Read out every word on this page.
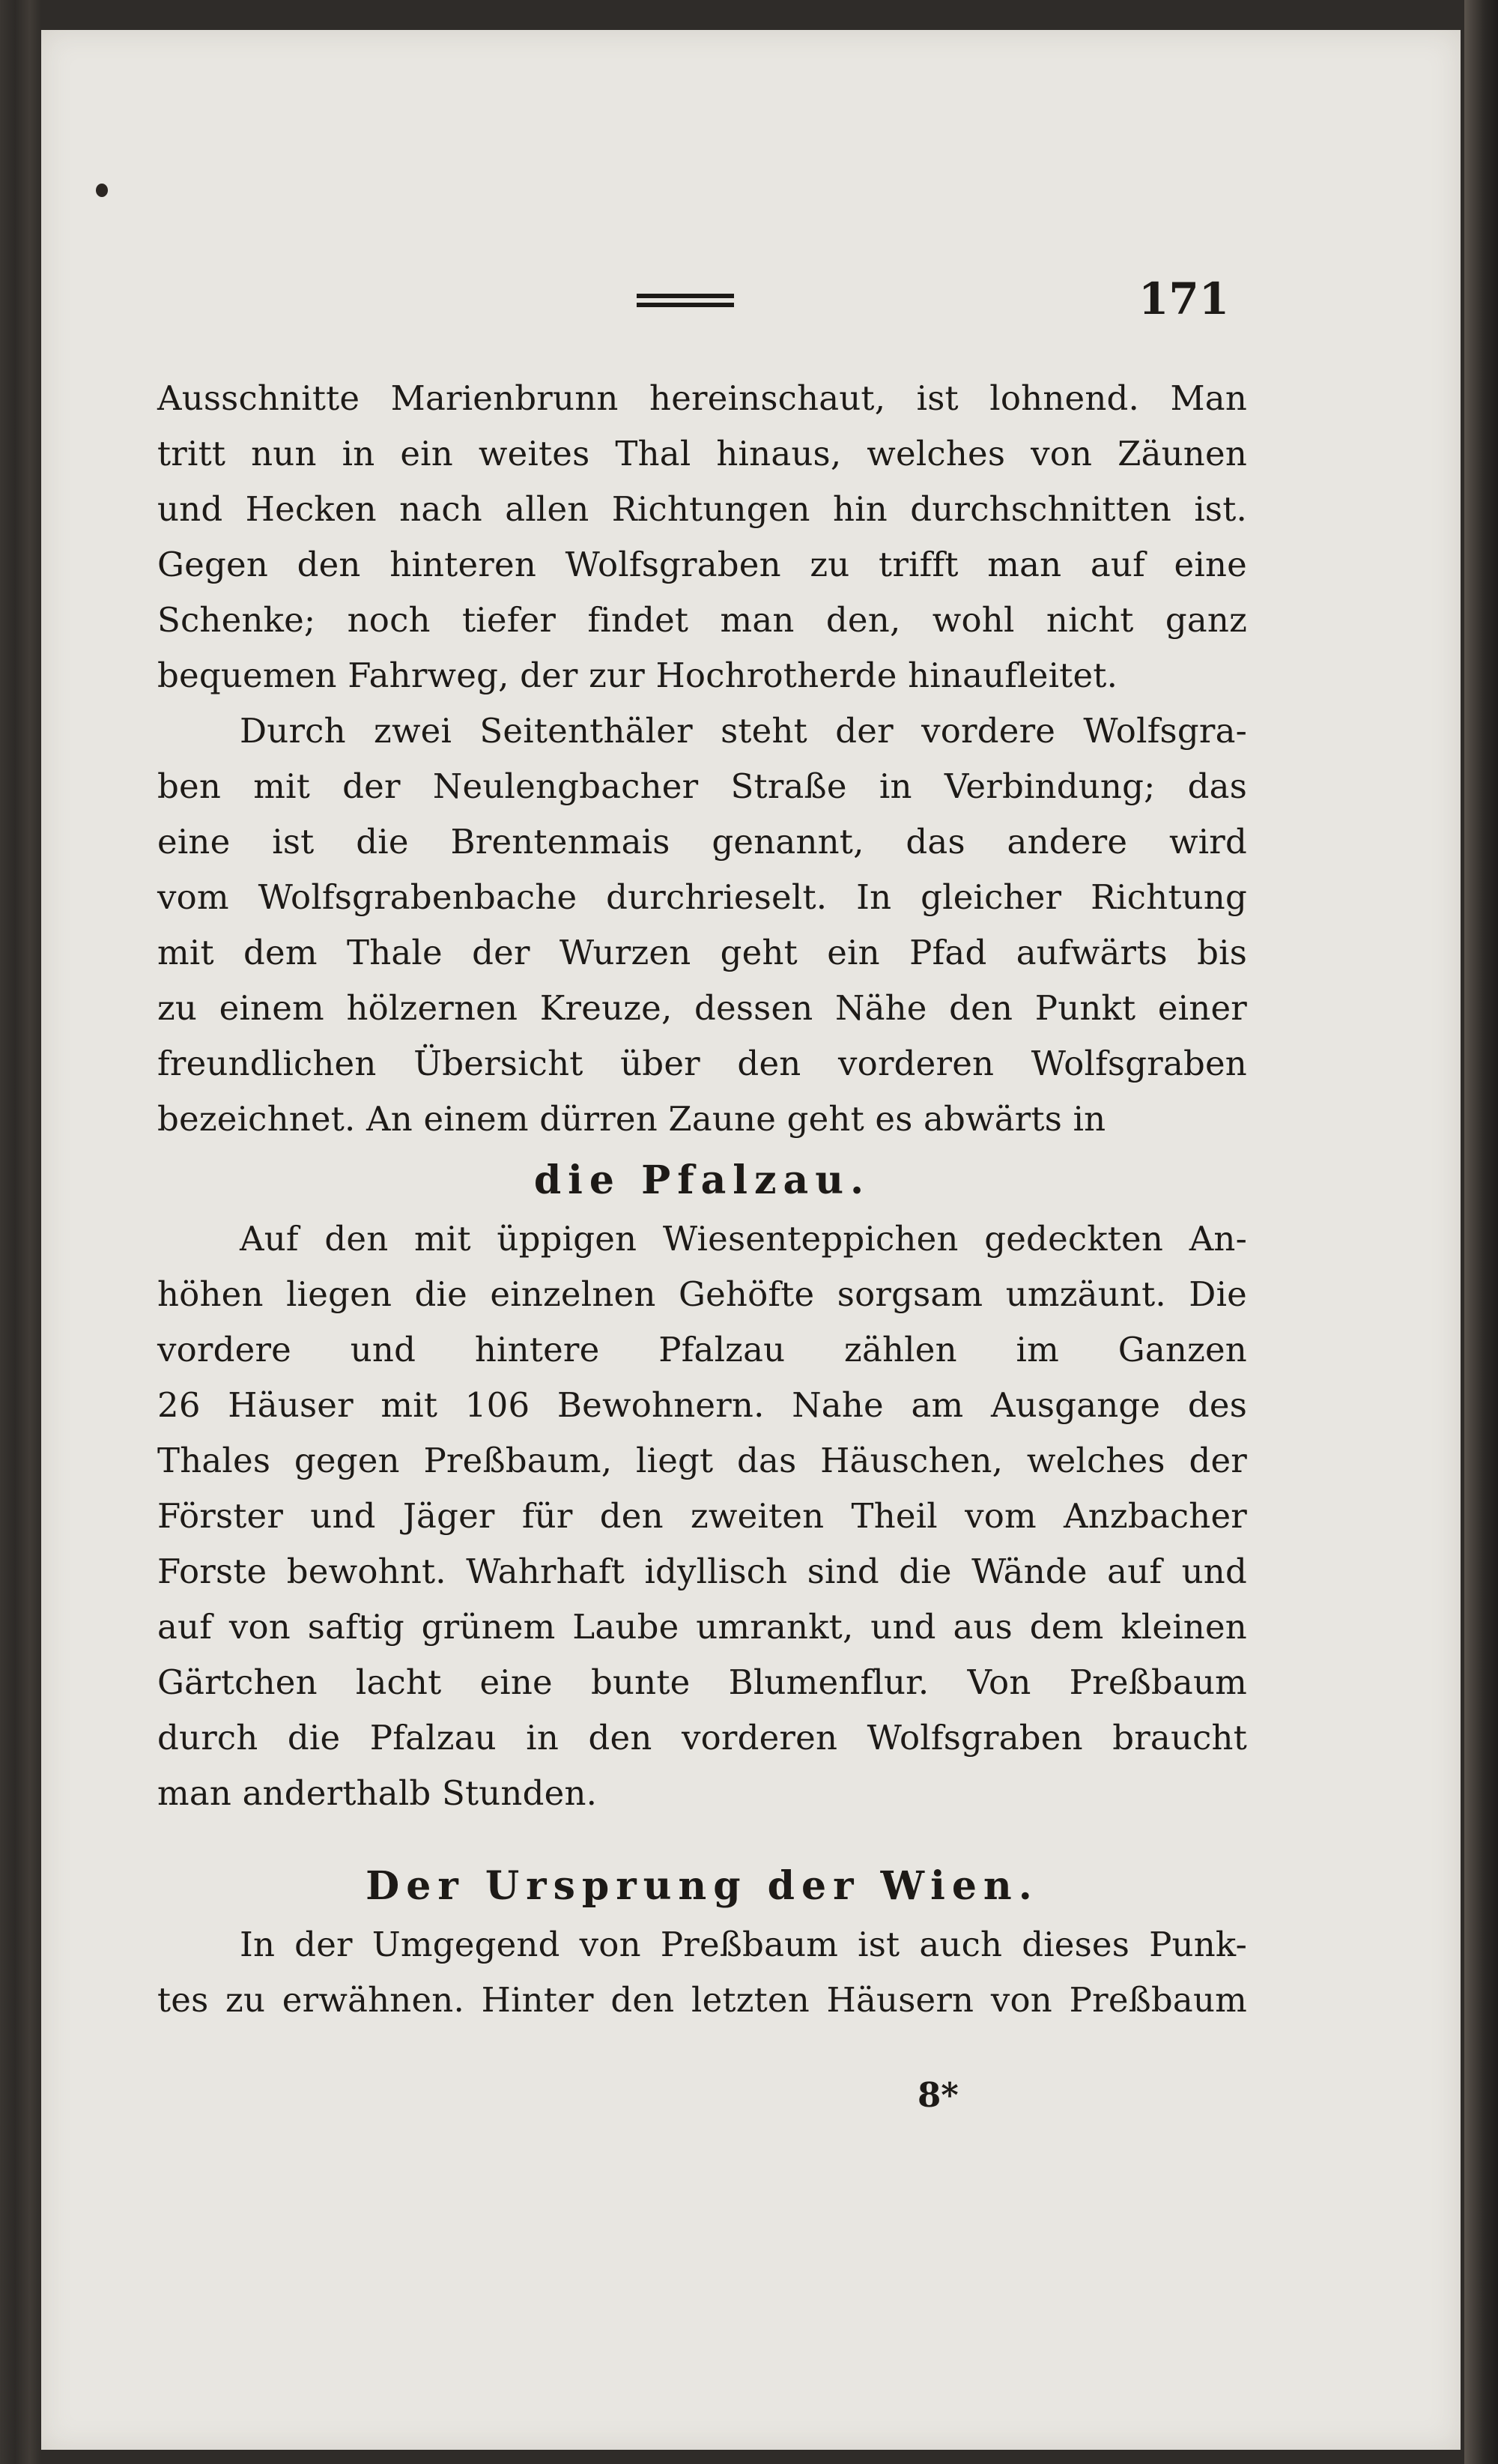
171
Ausschnitte Marienbrunn hereinschaut, ist lohnend. Man
tritt nun in ein weites Thal hinaus, welches von Zäunen
und Hecken nach allen Richtungen hin durchschnitten ist.
Gegen den hinteren Wolfsgraben zu trifft man auf eine
Schenke; noch tiefer findet man den, wohl nicht ganz
bequemen Fahrweg, der zur Hochrotherde hinaufleitet.
Durch zwei Seitenthäler steht der vordere Wolfsgra-
ben mit der Neulengbacher Straße in Verbindung; das
eine ist die Brentenmais genannt, das andere wird
vom Wolfsgrabenbache durchrieselt. In gleicher Richtung
mit dem Thale der Wurzen geht ein Pfad aufwärts bis
zu einem hölzernen Kreuze, dessen Nähe den Punkt einer
freundlichen Übersicht über den vorderen Wolfsgraben
bezeichnet. An einem dürren Zaune geht es abwärts in
die Pfalzau.
Auf den mit üppigen Wiesenteppichen gedeckten An-
höhen liegen die einzelnen Gehöfte sorgsam umzäunt. Die
vordere und hintere Pfalzau zählen im Ganzen
26 Häuser mit 106 Bewohnern. Nahe am Ausgange des
Thales gegen Preßbaum, liegt das Häuschen, welches der
Förster und Jäger für den zweiten Theil vom Anzbacher
Forste bewohnt. Wahrhaft idyllisch sind die Wände auf und
auf von saftig grünem Laube umrankt, und aus dem kleinen
Gärtchen lacht eine bunte Blumenflur. Von Preßbaum
durch die Pfalzau in den vorderen Wolfsgraben braucht
man anderthalb Stunden.
Der Ursprung der Wien.
In der Umgegend von Preßbaum ist auch dieses Punk-
tes zu erwähnen. Hinter den letzten Häusern von Preßbaum
8*
